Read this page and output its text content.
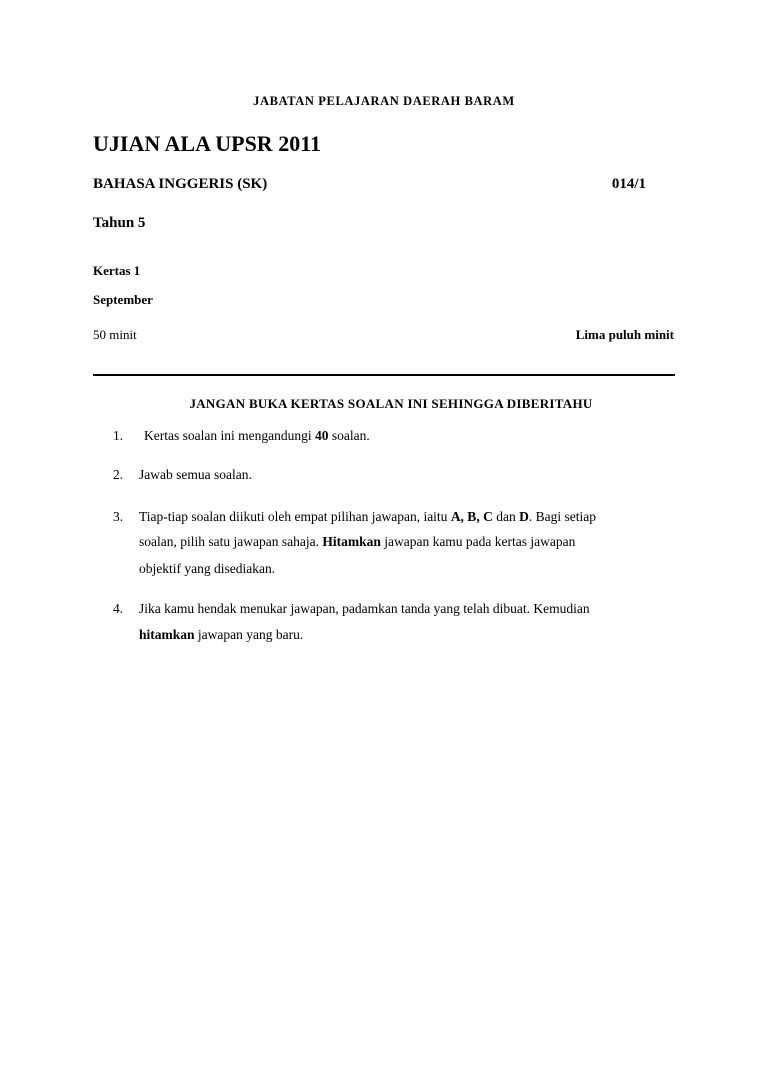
JABATAN PELAJARAN DAERAH BARAM
UJIAN ALA UPSR 2011
BAHASA INGGERIS (SK)	014/1
Tahun 5
Kertas 1
September
50 minit	Lima puluh minit
JANGAN BUKA KERTAS SOALAN INI SEHINGGA DIBERITAHU
1. Kertas soalan ini mengandungi 40 soalan.
2. Jawab semua soalan.
3. Tiap-tiap soalan diikuti oleh empat pilihan jawapan, iaitu A, B, C dan D. Bagi setiap
soalan, pilih satu jawapan sahaja. Hitamkan jawapan kamu pada kertas jawapan
objektif yang disediakan.
4. Jika kamu hendak menukar jawapan, padamkan tanda yang telah dibuat. Kemudian
hitamkan jawapan yang baru.
